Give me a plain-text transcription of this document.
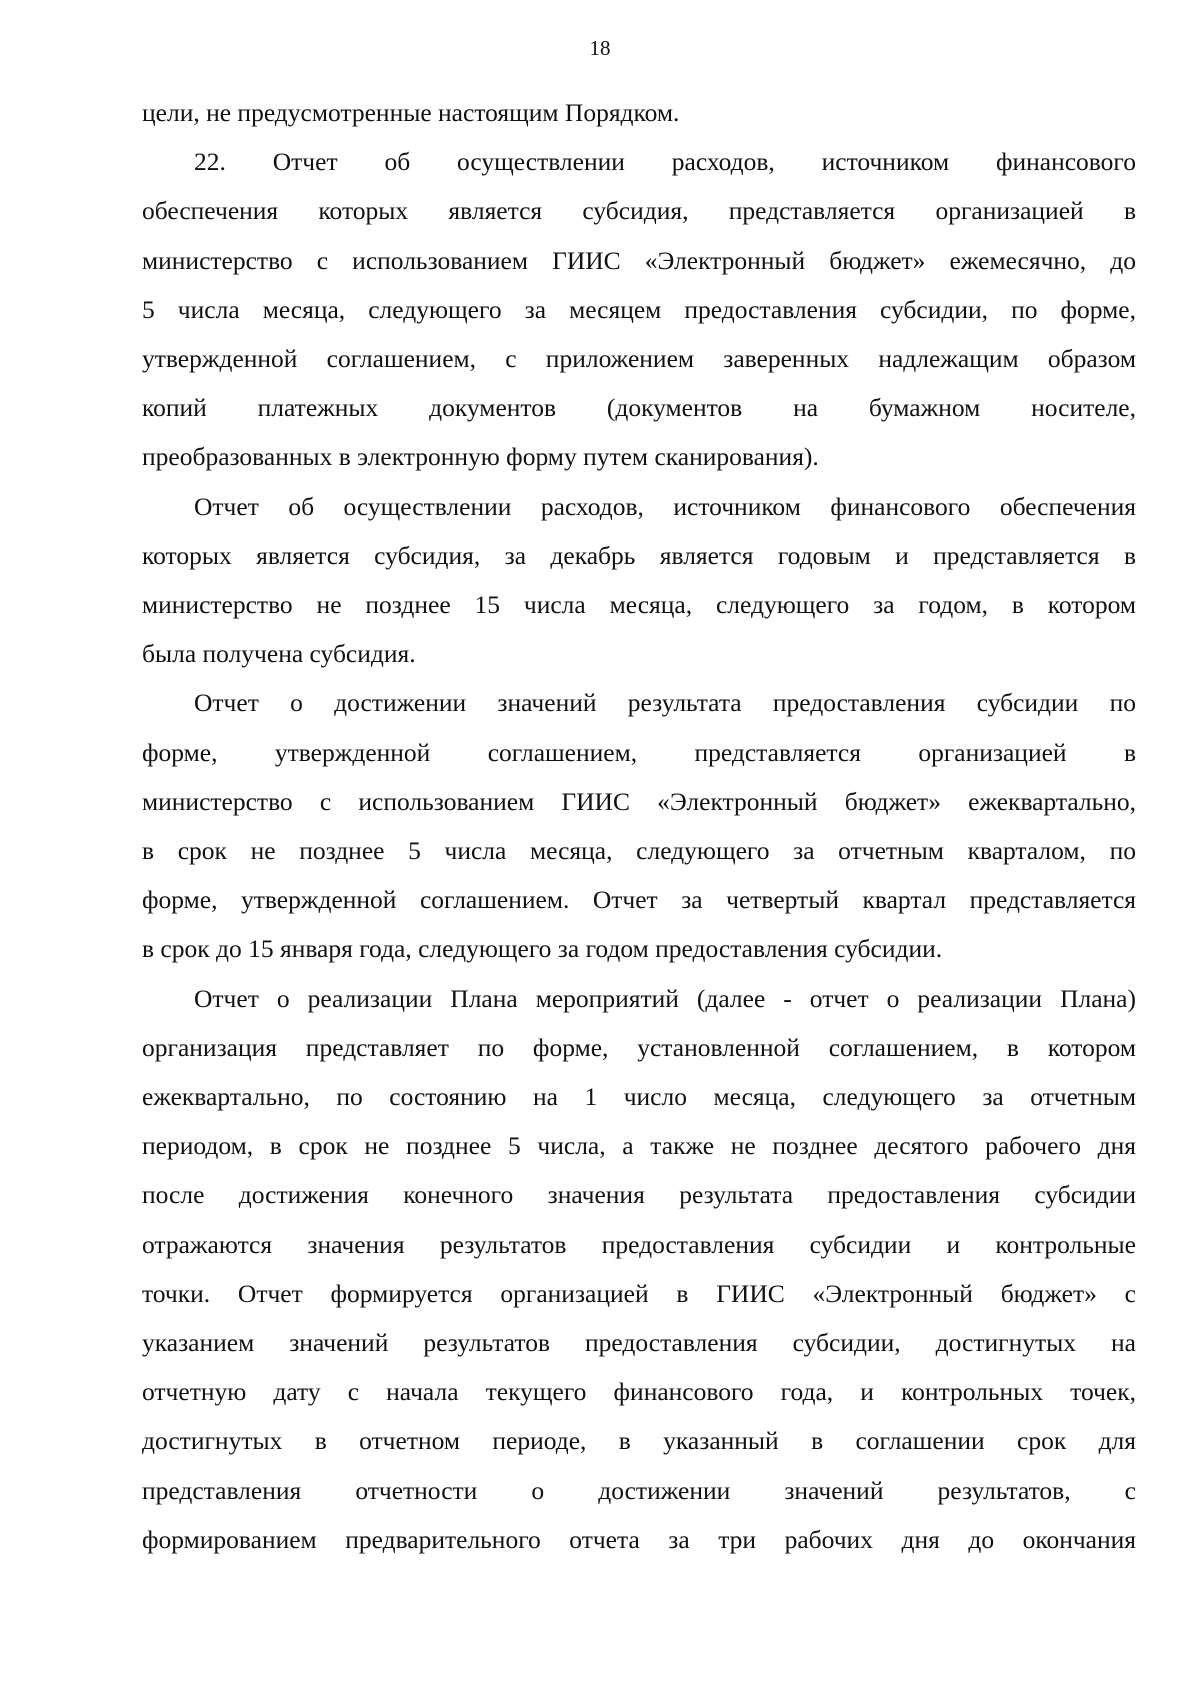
18
цели, не предусмотренные настоящим Порядком.
22. Отчет об осуществлении расходов, источником финансового
обеспечения которых является субсидия, представляется организацией в
министерство с использованием ГИИС «Электронный бюджет» ежемесячно, до
5 числа месяца, следующего за месяцем предоставления субсидии, по форме,
утвержденной соглашением, с приложением заверенных надлежащим образом
копий платежных документов (документов на бумажном носителе,
преобразованных в электронную форму путем сканирования).
Отчет об осуществлении расходов, источником финансового обеспечения
которых является субсидия, за декабрь является годовым и представляется в
министерство не позднее 15 числа месяца, следующего за годом, в котором
была получена субсидия.
Отчет о достижении значений результата предоставления субсидии по
форме, утвержденной соглашением, представляется организацией в
министерство с использованием ГИИС «Электронный бюджет» ежеквартально,
в срок не позднее 5 числа месяца, следующего за отчетным кварталом, по
форме, утвержденной соглашением. Отчет за четвертый квартал представляется
в срок до 15 января года, следующего за годом предоставления субсидии.
Отчет о реализации Плана мероприятий (далее - отчет о реализации Плана)
организация представляет по форме, установленной соглашением, в котором
ежеквартально, по состоянию на 1 число месяца, следующего за отчетным
периодом, в срок не позднее 5 числа, а также не позднее десятого рабочего дня
после достижения конечного значения результата предоставления субсидии
отражаются значения результатов предоставления субсидии и контрольные
точки. Отчет формируется организацией в ГИИС «Электронный бюджет» с
указанием значений результатов предоставления субсидии, достигнутых на
отчетную дату с начала текущего финансового года, и контрольных точек,
достигнутых в отчетном периоде, в указанный в соглашении срок для
представления отчетности о достижении значений результатов, с
формированием предварительного отчета за три рабочих дня до окончания
